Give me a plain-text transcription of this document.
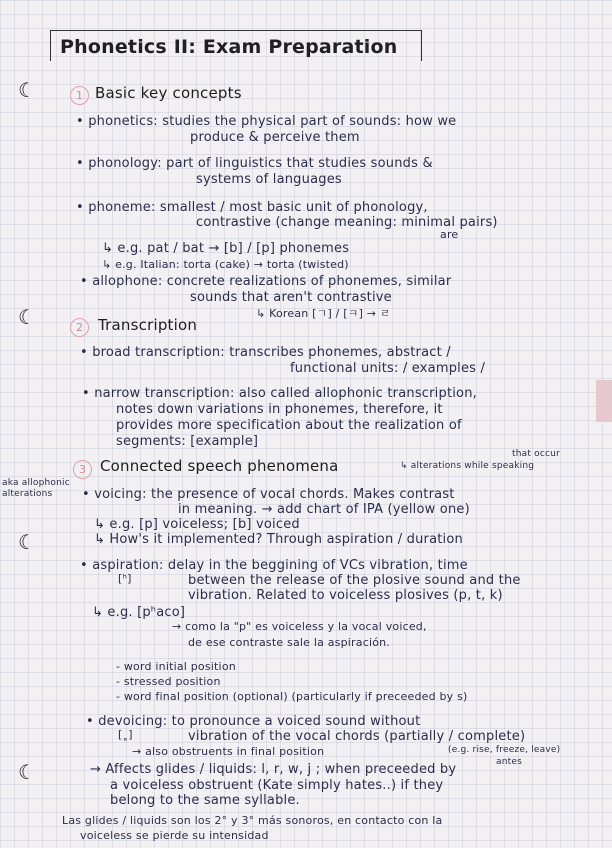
☾
☾
☾
☾
Phonetics II: Exam Preparation
1 Basic key concepts
• phonetics: studies the physical part of sounds: how we
produce & perceive them
• phonology: part of linguistics that studies sounds &
systems of languages
• phoneme: smallest / most basic unit of phonology,
are
contrastive (change meaning: minimal pairs)
↳ e.g. pat / bat → [b] / [p] phonemes
↳ e.g. Italian: torta (cake) → torta (twisted)
• allophone: concrete realizations of phonemes, similar
sounds that aren't contrastive
↳ Korean [ㄱ] / [ㅋ] → ㄹ
2	Transcription
• broad transcription: transcribes phonemes, abstract /
functional units: / examples /
• narrow transcription: also called allophonic transcription,
notes down variations in phonemes, therefore, it
provides more specification about the realization of
segments: [example]
3 Connected speech phenomena
that occur
↳ alterations while speaking
aka allophonic alterations	• voicing: the presence of vocal chords. Makes contrast
in meaning. → add chart of IPA (yellow one)
↳ e.g. [p] voiceless; [b] voiced
↳ How's it implemented? Through aspiration / duration
• aspiration: delay in the beggining of VCs vibration, time
[ʰ]	between the release of the plosive sound and the
vibration. Related to voiceless plosives (p, t, k)
↳ e.g. [pʰaco]
→ como la "p" es voiceless y la vocal voiced,
de ese contraste sale la aspiración.
- word initial position
- stressed position
- word final position (optional) (particularly if preceeded by s)
• devoicing: to pronounce a voiced sound without
[˳]	vibration of the vocal chords (partially / complete)
→ also obstruents in final position	(e.g. rise, freeze, leave)
antes
→ Affects glides / liquids: l, r, w, j ; when preceeded by
a voiceless obstruent (Kate simply hates..) if they
belong to the same syllable.
Las glides / liquids son los 2° y 3° más sonoros, en contacto con la
voiceless se pierde su intensidad
